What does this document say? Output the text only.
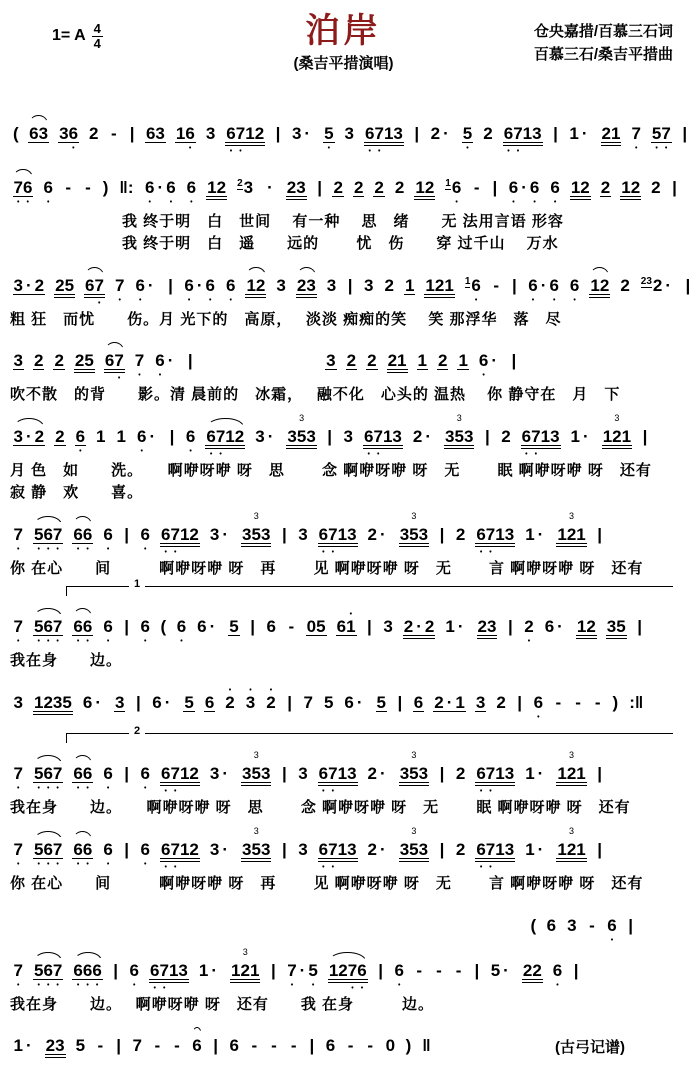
1= A $\frac{4}{4}$	泊岸
(桑吉平措演唱)
仓央嘉措/百慕三石词
百慕三石/桑吉平措曲
( 63 36
•
2 - | 63 16
•
3 6
•
7
•
12 | 3 · 5
•
3 6
•
7
•
13 | 2 · 5
•
2 6
•
7
•
13 | 1 · 21 7
•
5
•
7
•
|
7
•
6
•
6
•
- - ) ‖: 6
•
· 6
•
6
•
12 $^2$3 · 23 | 2 2 2 2 12 $^1$6
•
- | 6
•
· 6
•
6
•
12 2 12 2 |
　　　　　　　我 终于明　白　世间　 有一种　 思　绪　　无 法用言语 形容
　　　　　　　我 终于明　白　遥　　远的　　 忧　伤　　穿 过千山　 万水
3 · 2 25 67
•
7
•
6
•
· | 6
•
· 6
•
6
•
12 3 23 3 | 3 2 1 121 $^1$6
•
- | 6
•
· 6
•
6
•
12 2 $^{23}$2 · |
粗 狂　而忧　　伤。月 光下的　高原，　 淡淡 痴痴的笑　 笑 那浮华　落　尽
3 2 2 25 67
•
7
•
6
•
· |	3 2 2 21 1 2 1 6
•
· |
吹不散　的背　　影。清 晨前的　冰霜，　 融不化　心头的 温热　 你 静守在　月　下
3 · 2 2 6
•
1 1 6
•
· | 6
•
6
•
7
•
12 3 · 3 353 | 3 6
•
7
•
13 2 · 3 353 | 2 6
•
7
•
13 1 · 3 121 |
月 色　如　　洗。　　啊咿呀咿 呀　思　　 念 啊咿呀咿 呀　无　　 眠 啊咿呀咿 呀　还有
寂 静　欢　　喜。
7
•
5
•
6
•
7
•
6
•
6
•
6
•
| 6
•
6
•
7
•
12 3 · 3 353 | 3 6
•
7
•
13 2 · 3 353 | 2 6
•
7
•
13 1 · 3 121 |
你 在心　　间　　　啊咿呀咿 呀　再　　 见 啊咿呀咿 呀　无　　 言 啊咿呀咿 呀　还有
1
7
•
5
•
6
•
7
•
6
•
6
•
6
•
| 6
•
( 6
•
6 · 5 | 6 - 05 61
•
| 3 2 · 2 1 · 23 | 2
•
6 · 12 35 |
我在身　　边。
3 1235 6 · 3 | 6 · 5 6 2
•
3
•
2
•
| 7 5 6 · 5 | 6 2 · 1 3 2 | 6
•
- - - ) :‖
2
7
•
5
•
6
•
7
•
6
•
6
•
6
•
| 6
•
6
•
7
•
12 3 · 3 353 | 3 6
•
7
•
13 2 · 3 353 | 2 6
•
7
•
13 1 · 3 121 |
我在身　　边。　　啊咿呀咿 呀　思　　 念 啊咿呀咿 呀　无　　 眠 啊咿呀咿 呀　还有
7
•
5
•
6
•
7
•
6
•
6
•
6
•
| 6
•
6
•
7
•
12 3 · 3 353 | 3 6
•
7
•
13 2 · 3 353 | 2 6
•
7
•
13 1 · 3 121 |
你 在心　　间　　　啊咿呀咿 呀　再　　 见 啊咿呀咿 呀　无　　 言 啊咿呀咿 呀　还有
( 6 3 - 6
•
|
7
•
5
•
6
•
7
•
6
•
6
•
6
•
| 6
•
6
•
7
•
13 1 · 3 121 | 7
•
· 5
•
127
•
6
•
| 6
•
- - - | 5 · 22 6
•
|
我在身　　边。　 啊咿呀咿 呀　还有　　我 在身　　　边。
1 · 23 5 - | 7 - - 6 | 6 - - - | 6 - - 0 ) ‖	(古弓记谱)
